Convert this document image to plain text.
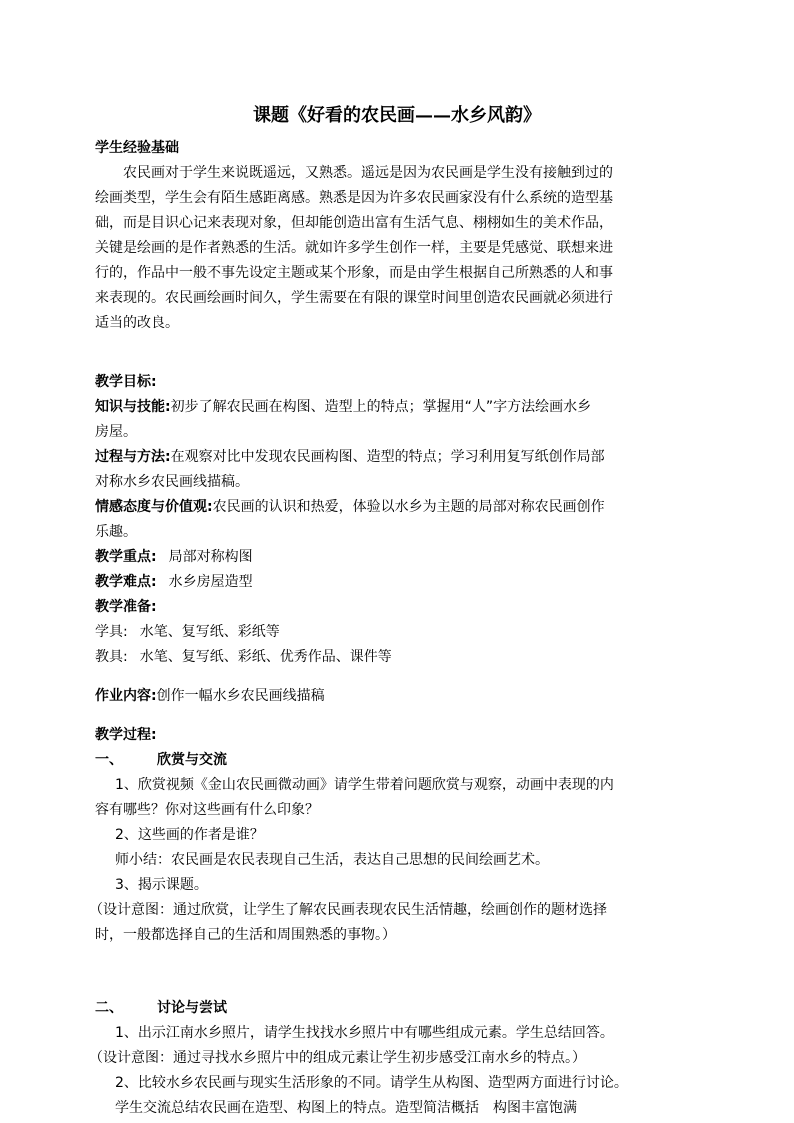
课题《好看的农民画——水乡风韵》
学生经验基础
农民画对于学生来说既遥远，又熟悉。遥远是因为农民画是学生没有接触到过的
绘画类型，学生会有陌生感距离感。熟悉是因为许多农民画家没有什么系统的造型基
础，而是目识心记来表现对象，但却能创造出富有生活气息、栩栩如生的美术作品，
关键是绘画的是作者熟悉的生活。就如许多学生创作一样，主要是凭感觉、联想来进
行的，作品中一般不事先设定主题或某个形象，而是由学生根据自己所熟悉的人和事
来表现的。农民画绘画时间久，学生需要在有限的课堂时间里创造农民画就必须进行
适当的改良。
教学目标:
知识与技能:初步了解农民画在构图、造型上的特点；掌握用“人”字方法绘画水乡
房屋。
过程与方法:在观察对比中发现农民画构图、造型的特点；学习利用复写纸创作局部
对称水乡农民画线描稿。
情感态度与价值观:农民画的认识和热爱，体验以水乡为主题的局部对称农民画创作
乐趣。
教学重点: 局部对称构图
教学难点: 水乡房屋造型
教学准备:
学具: 水笔、复写纸、彩纸等
教具: 水笔、复写纸、彩纸、优秀作品、课件等
作业内容:创作一幅水乡农民画线描稿
教学过程:
一、 欣赏与交流
1、欣赏视频《金山农民画微动画》请学生带着问题欣赏与观察，动画中表现的内
容有哪些？你对这些画有什么印象？
2、这些画的作者是谁？
师小结：农民画是农民表现自己生活，表达自己思想的民间绘画艺术。
3、揭示课题。
（设计意图：通过欣赏，让学生了解农民画表现农民生活情趣，绘画创作的题材选择
时，一般都选择自己的生活和周围熟悉的事物。）
二、 讨论与尝试
1、出示江南水乡照片，请学生找找水乡照片中有哪些组成元素。学生总结回答。
（设计意图：通过寻找水乡照片中的组成元素让学生初步感受江南水乡的特点。）
2、比较水乡农民画与现实生活形象的不同。请学生从构图、造型两方面进行讨论。
学生交流总结农民画在造型、构图上的特点。造型简洁概括　构图丰富饱满
